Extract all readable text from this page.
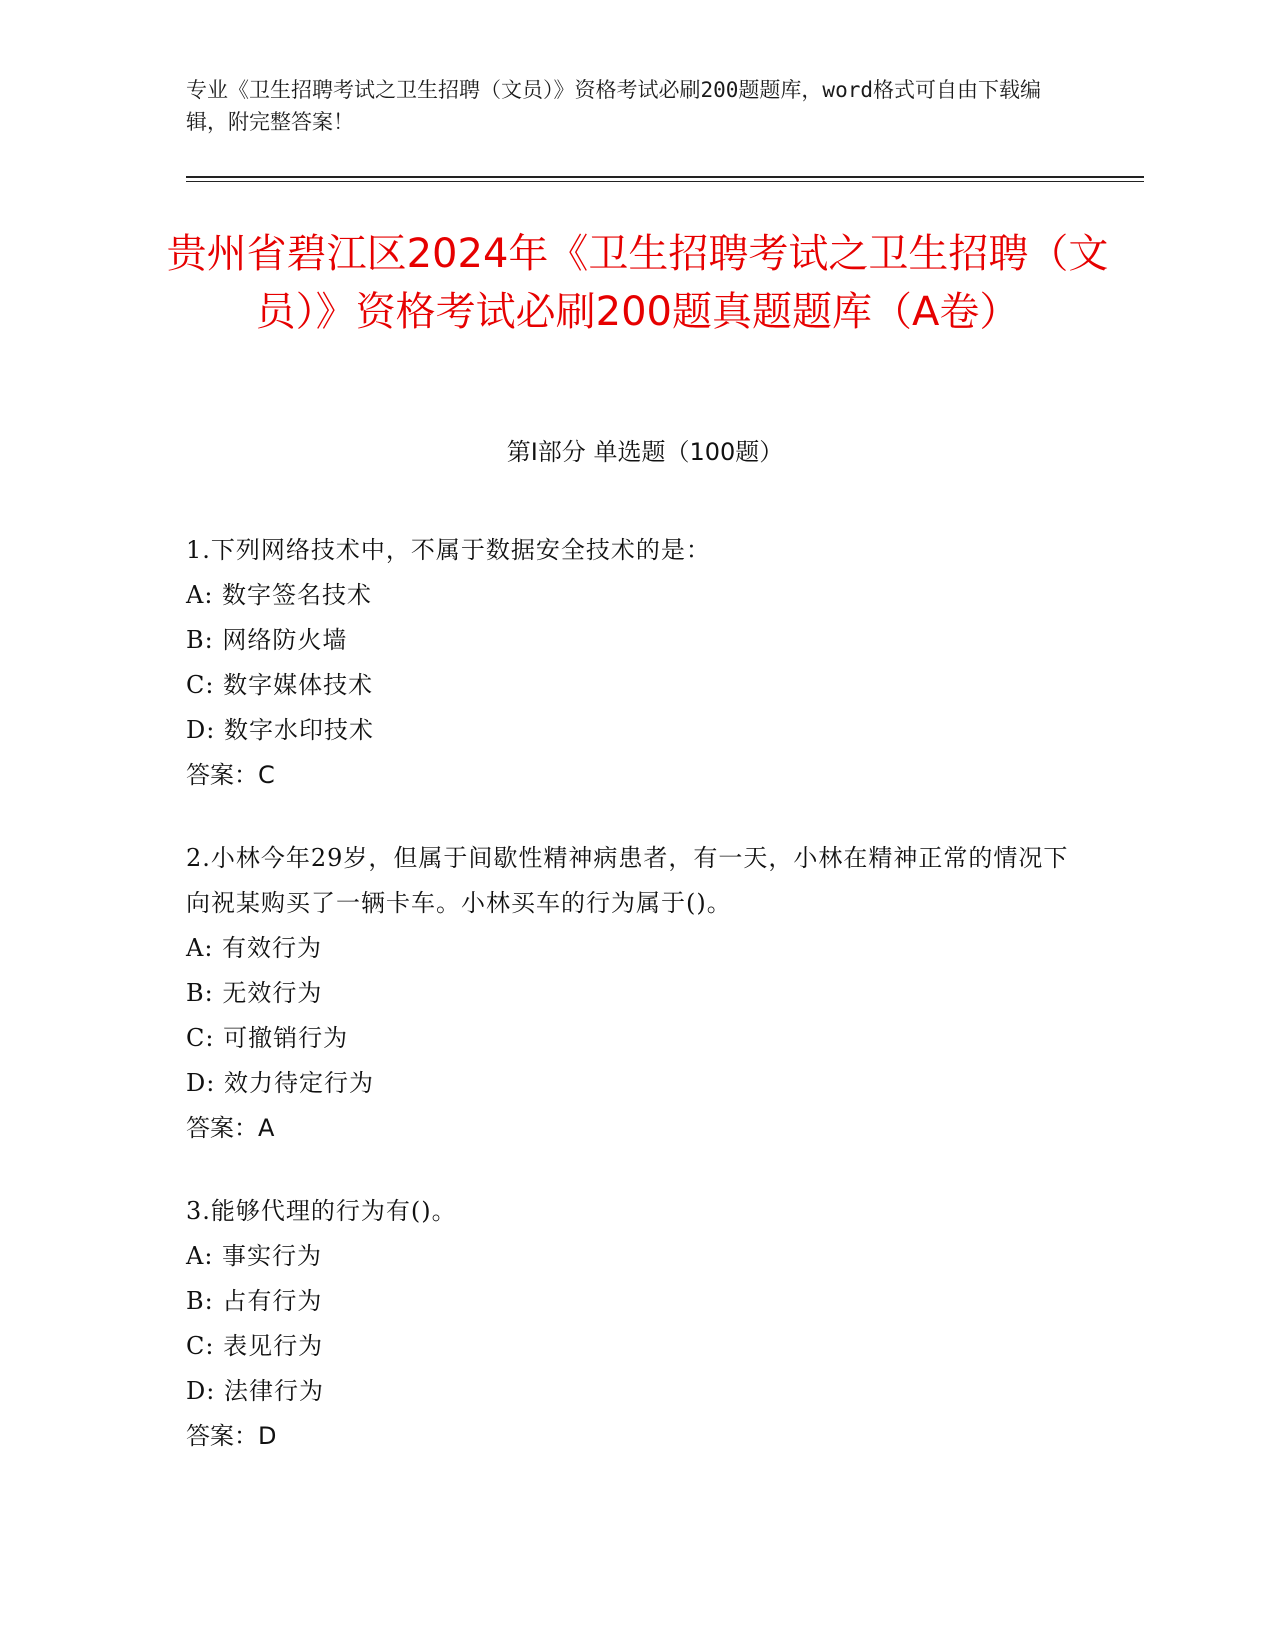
专业《卫生招聘考试之卫生招聘（文员）》资格考试必刷200题题库，word格式可自由下载编辑，附完整答案！
贵州省碧江区2024年《卫生招聘考试之卫生招聘（文员）》资格考试必刷200题真题题库（A卷）
第Ⅰ部分 单选题（100题）
1.下列网络技术中，不属于数据安全技术的是：
A: 数字签名技术
B: 网络防火墙
C: 数字媒体技术
D: 数字水印技术
答案：C
2.小林今年29岁，但属于间歇性精神病患者，有一天，小林在精神正常的情况下向祝某购买了一辆卡车。小林买车的行为属于()。
A: 有效行为
B: 无效行为
C: 可撤销行为
D: 效力待定行为
答案：A
3.能够代理的行为有()。
A: 事实行为
B: 占有行为
C: 表见行为
D: 法律行为
答案：D
